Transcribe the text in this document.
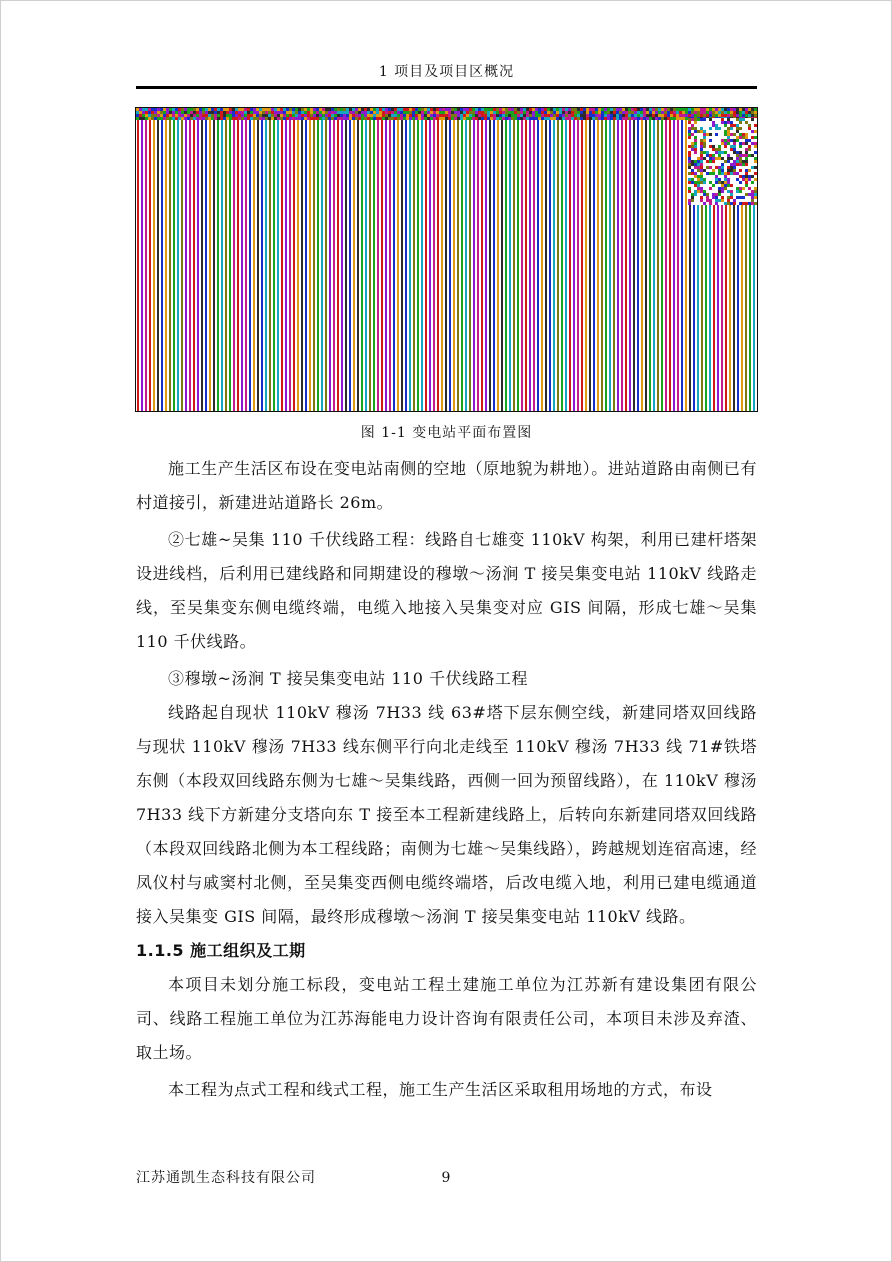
1 项目及项目区概况
图 1-1 变电站平面布置图

施工生产生活区布设在变电站南侧的空地（原地貌为耕地）。进站道路由南侧已有村道接引，新建进站道路长 26m。

②七雄~吴集 110 千伏线路工程：线路自七雄变 110kV 构架，利用已建杆塔架设进线档，后利用已建线路和同期建设的穆墩～汤涧 T 接吴集变电站 110kV 线路走线，至吴集变东侧电缆终端，电缆入地接入吴集变对应 GIS 间隔，形成七雄～吴集 110 千伏线路。

③穆墩~汤涧 T 接吴集变电站 110 千伏线路工程

线路起自现状 110kV 穆汤 7H33 线 63#塔下层东侧空线，新建同塔双回线路与现状 110kV 穆汤 7H33 线东侧平行向北走线至 110kV 穆汤 7H33 线 71#铁塔东侧（本段双回线路东侧为七雄～吴集线路，西侧一回为预留线路），在 110kV 穆汤 7H33 线下方新建分支塔向东 T 接至本工程新建线路上，后转向东新建同塔双回线路（本段双回线路北侧为本工程线路；南侧为七雄～吴集线路），跨越规划连宿高速，经凤仪村与戚窦村北侧，至吴集变西侧电缆终端塔，后改电缆入地，利用已建电缆通道接入吴集变 GIS 间隔，最终形成穆墩～汤涧 T 接吴集变电站 110kV 线路。

1.1.5 施工组织及工期

本项目未划分施工标段，变电站工程土建施工单位为江苏新有建设集团有限公司、线路工程施工单位为江苏海能电力设计咨询有限责任公司，本项目未涉及弃渣、取土场。

本工程为点式工程和线式工程，施工生产生活区采取租用场地的方式，布设

江苏通凯生态科技有限公司	9
